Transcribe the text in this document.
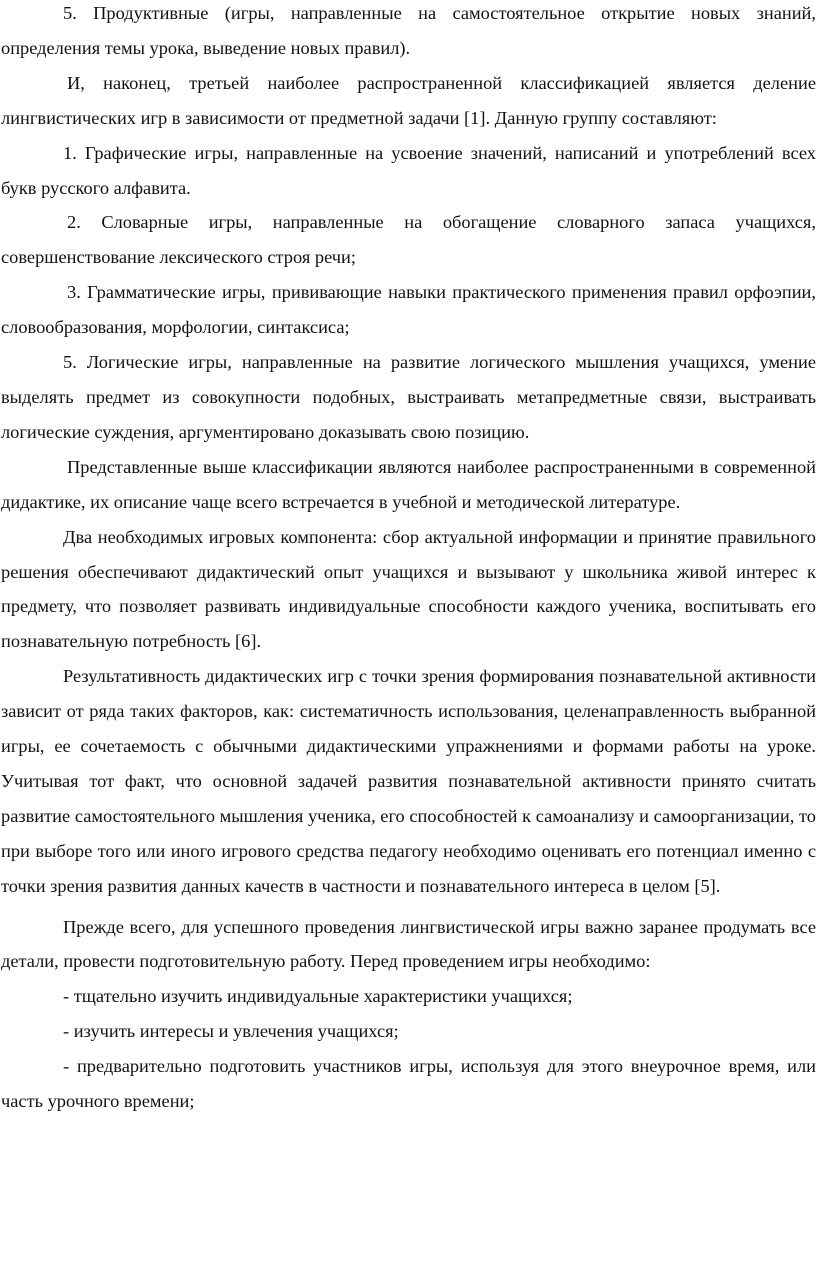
5. Продуктивные (игры, направленные на самостоятельное открытие новых знаний, определения темы урока, выведение новых правил).

И, наконец, третьей наиболее распространенной классификацией является деление лингвистических игр в зависимости от предметной задачи [1]. Данную группу составляют:

1. Графические игры, направленные на усвоение значений, написаний и употреблений всех букв русского алфавита.

2. Словарные игры, направленные на обогащение словарного запаса учащихся, совершенствование лексического строя речи;

3. Грамматические игры, прививающие навыки практического применения правил орфоэпии, словообразования, морфологии, синтаксиса;

5. Логические игры, направленные на развитие логического мышления учащихся, умение выделять предмет из совокупности подобных, выстраивать метапредметные связи, выстраивать логические суждения, аргументировано доказывать свою позицию.

Представленные выше классификации являются наиболее распространенными в современной дидактике, их описание чаще всего встречается в учебной и методической литературе.

Два необходимых игровых компонента: сбор актуальной информации и принятие правильного решения обеспечивают дидактический опыт учащихся и вызывают у школьника живой интерес к предмету, что позволяет развивать индивидуальные способности каждого ученика, воспитывать его познавательную потребность [6].

Результативность дидактических игр с точки зрения формирования познавательной активности зависит от ряда таких факторов, как: систематичность использования, целенаправленность выбранной игры, ее сочетаемость с обычными дидактическими упражнениями и формами работы на уроке. Учитывая тот факт, что основной задачей развития познавательной активности принято считать развитие самостоятельного мышления ученика, его способностей к самоанализу и самоорганизации, то при выборе того или иного игрового средства педагогу необходимо оценивать его потенциал именно с точки зрения развития данных качеств в частности и познавательного интереса в целом [5].

Прежде всего, для успешного проведения лингвистической игры важно заранее продумать все детали, провести подготовительную работу. Перед проведением игры необходимо:

- тщательно изучить индивидуальные характеристики учащихся;

- изучить интересы и увлечения учащихся;

- предварительно подготовить участников игры, используя для этого внеурочное время, или часть урочного времени;
